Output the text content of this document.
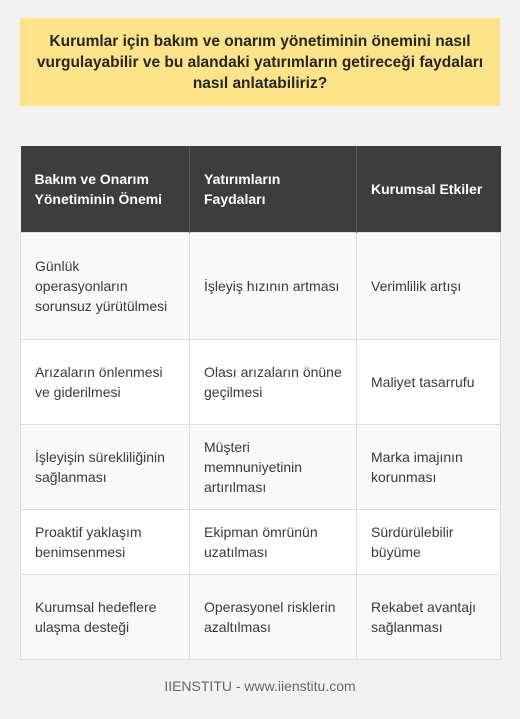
Kurumlar için bakım ve onarım yönetiminin önemini nasıl vurgulayabilir ve bu alandaki yatırımların getireceği faydaları nasıl anlatabiliriz?
Bakım ve Onarım Yönetiminin Önemi	Yatırımların Faydaları	Kurumsal Etkiler
Günlük operasyonların sorunsuz yürütülmesi	İşleyiş hızının artması	Verimlilik artışı
Arızaların önlenmesi ve giderilmesi	Olası arızaların önüne geçilmesi	Maliyet tasarrufu
İşleyişin sürekliliğinin sağlanması	Müşteri memnuniyetinin artırılması	Marka imajının korunması
Proaktif yaklaşım benimsenmesi	Ekipman ömrünün uzatılması	Sürdürülebilir büyüme
Kurumsal hedeflere ulaşma desteği	Operasyonel risklerin azaltılması	Rekabet avantajı sağlanması
IIENSTITU - www.iienstitu.com
